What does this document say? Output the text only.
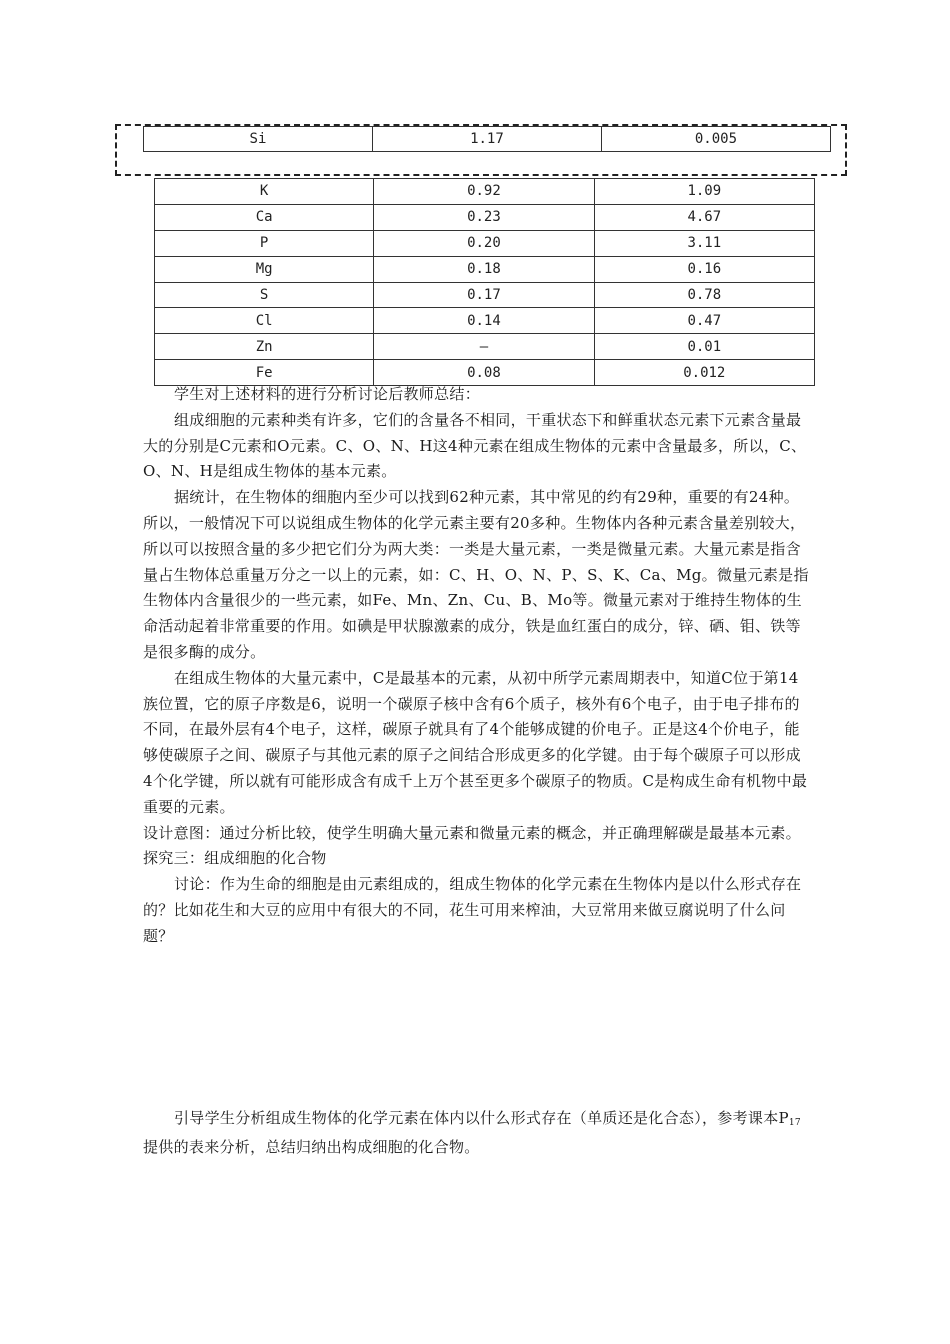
Si	1.17	0.005
K	0.92	1.09
Ca	0.23	4.67
P	0.20	3.11
Mg	0.18	0.16
S	0.17	0.78
Cl	0.14	0.47
Zn	—	0.01
Fe	0.08	0.012

学生对上述材料的进行分析讨论后教师总结：

组成细胞的元素种类有许多，它们的含量各不相同，干重状态下和鲜重状态元素下元素含量最大的分别是C元素和O元素。C、O、N、H这4种元素在组成生物体的元素中含量最多，所以，C、O、N、H是组成生物体的基本元素。

据统计，在生物体的细胞内至少可以找到62种元素，其中常见的约有29种，重要的有24种。所以，一般情况下可以说组成生物体的化学元素主要有20多种。生物体内各种元素含量差别较大，所以可以按照含量的多少把它们分为两大类：一类是大量元素，一类是微量元素。大量元素是指含量占生物体总重量万分之一以上的元素，如：C、H、O、N、P、S、K、Ca、Mg。微量元素是指生物体内含量很少的一些元素，如Fe、Mn、Zn、Cu、B、Mo等。微量元素对于维持生物体的生命活动起着非常重要的作用。如碘是甲状腺激素的成分，铁是血红蛋白的成分，锌、硒、钼、铁等是很多酶的成分。

在组成生物体的大量元素中，C是最基本的元素，从初中所学元素周期表中，知道C位于第14族位置，它的原子序数是6，说明一个碳原子核中含有6个质子，核外有6个电子，由于电子排布的不同，在最外层有4个电子，这样，碳原子就具有了4个能够成键的价电子。正是这4个价电子，能够使碳原子之间、碳原子与其他元素的原子之间结合形成更多的化学键。由于每个碳原子可以形成4个化学键，所以就有可能形成含有成千上万个甚至更多个碳原子的物质。C是构成生命有机物中最重要的元素。

设计意图：通过分析比较，使学生明确大量元素和微量元素的概念，并正确理解碳是最基本元素。

探究三：组成细胞的化合物

讨论：作为生命的细胞是由元素组成的，组成生物体的化学元素在生物体内是以什么形式存在的？比如花生和大豆的应用中有很大的不同，花生可用来榨油，大豆常用来做豆腐说明了什么问题？

引导学生分析组成生物体的化学元素在体内以什么形式存在（单质还是化合态），参考课本$P_{17}$提供的表来分析，总结归纳出构成细胞的化合物。
